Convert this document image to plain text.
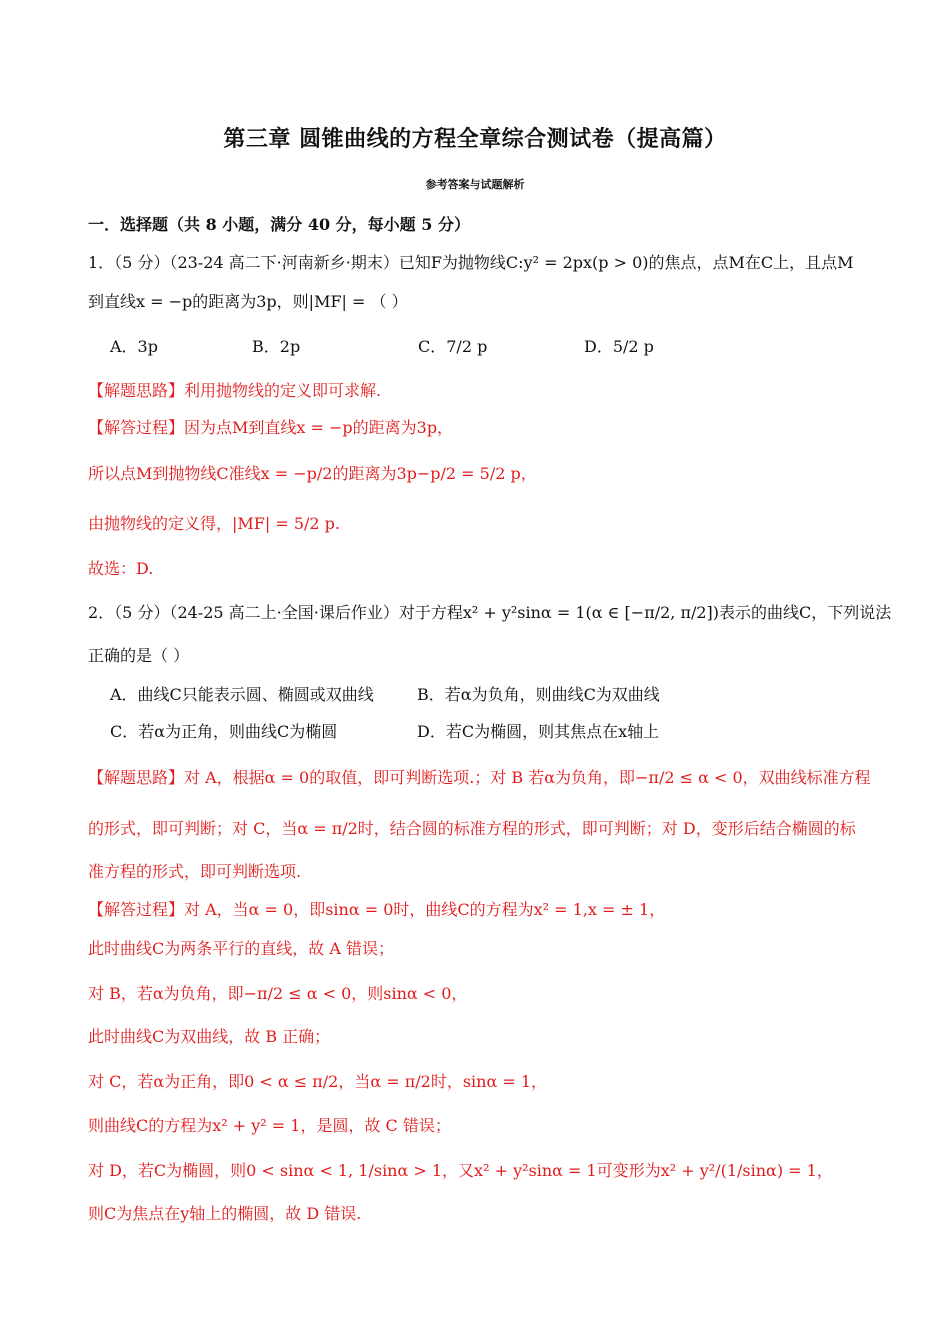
第三章 圆锥曲线的方程全章综合测试卷（提高篇）
参考答案与试题解析
一．选择题（共 8 小题，满分 40 分，每小题 5 分）
1．（5 分）（23-24 高二下·河南新乡·期末）已知F为抛物线C:y² = 2px(p > 0)的焦点，点M在C上，且点M
到直线x = −p的距离为3p，则|MF| = （ ）
A．3p	B．2p	C．7/2 p	D．5/2 p
【解题思路】利用抛物线的定义即可求解.
【解答过程】因为点M到直线x = −p的距离为3p，
所以点M到抛物线C准线x = −p/2的距离为3p−p/2 = 5/2 p，
由抛物线的定义得，|MF| = 5/2 p.
故选：D.
2．（5 分）（24-25 高二上·全国·课后作业）对于方程x² + y²sinα = 1(α ∈ [−π/2, π/2])表示的曲线C，下列说法
正确的是（ ）
A．曲线C只能表示圆、椭圆或双曲线	B．若α为负角，则曲线C为双曲线
C．若α为正角，则曲线C为椭圆	D．若C为椭圆，则其焦点在x轴上
【解题思路】对 A，根据α = 0的取值，即可判断选项.；对 B 若α为负角，即−π/2 ≤ α < 0，双曲线标准方程
的形式，即可判断；对 C，当α = π/2时，结合圆的标准方程的形式，即可判断；对 D，变形后结合椭圆的标
准方程的形式，即可判断选项.
【解答过程】对 A，当α = 0，即sinα = 0时，曲线C的方程为x² = 1,x = ± 1，
此时曲线C为两条平行的直线，故 A 错误；
对 B，若α为负角，即−π/2 ≤ α < 0，则sinα < 0，
此时曲线C为双曲线，故 B 正确；
对 C，若α为正角，即0 < α ≤ π/2，当α = π/2时，sinα = 1，
则曲线C的方程为x² + y² = 1，是圆，故 C 错误；
对 D，若C为椭圆，则0 < sinα < 1, 1/sinα > 1，又x² + y²sinα = 1可变形为x² + y²/(1/sinα) = 1，
则C为焦点在y轴上的椭圆，故 D 错误.
